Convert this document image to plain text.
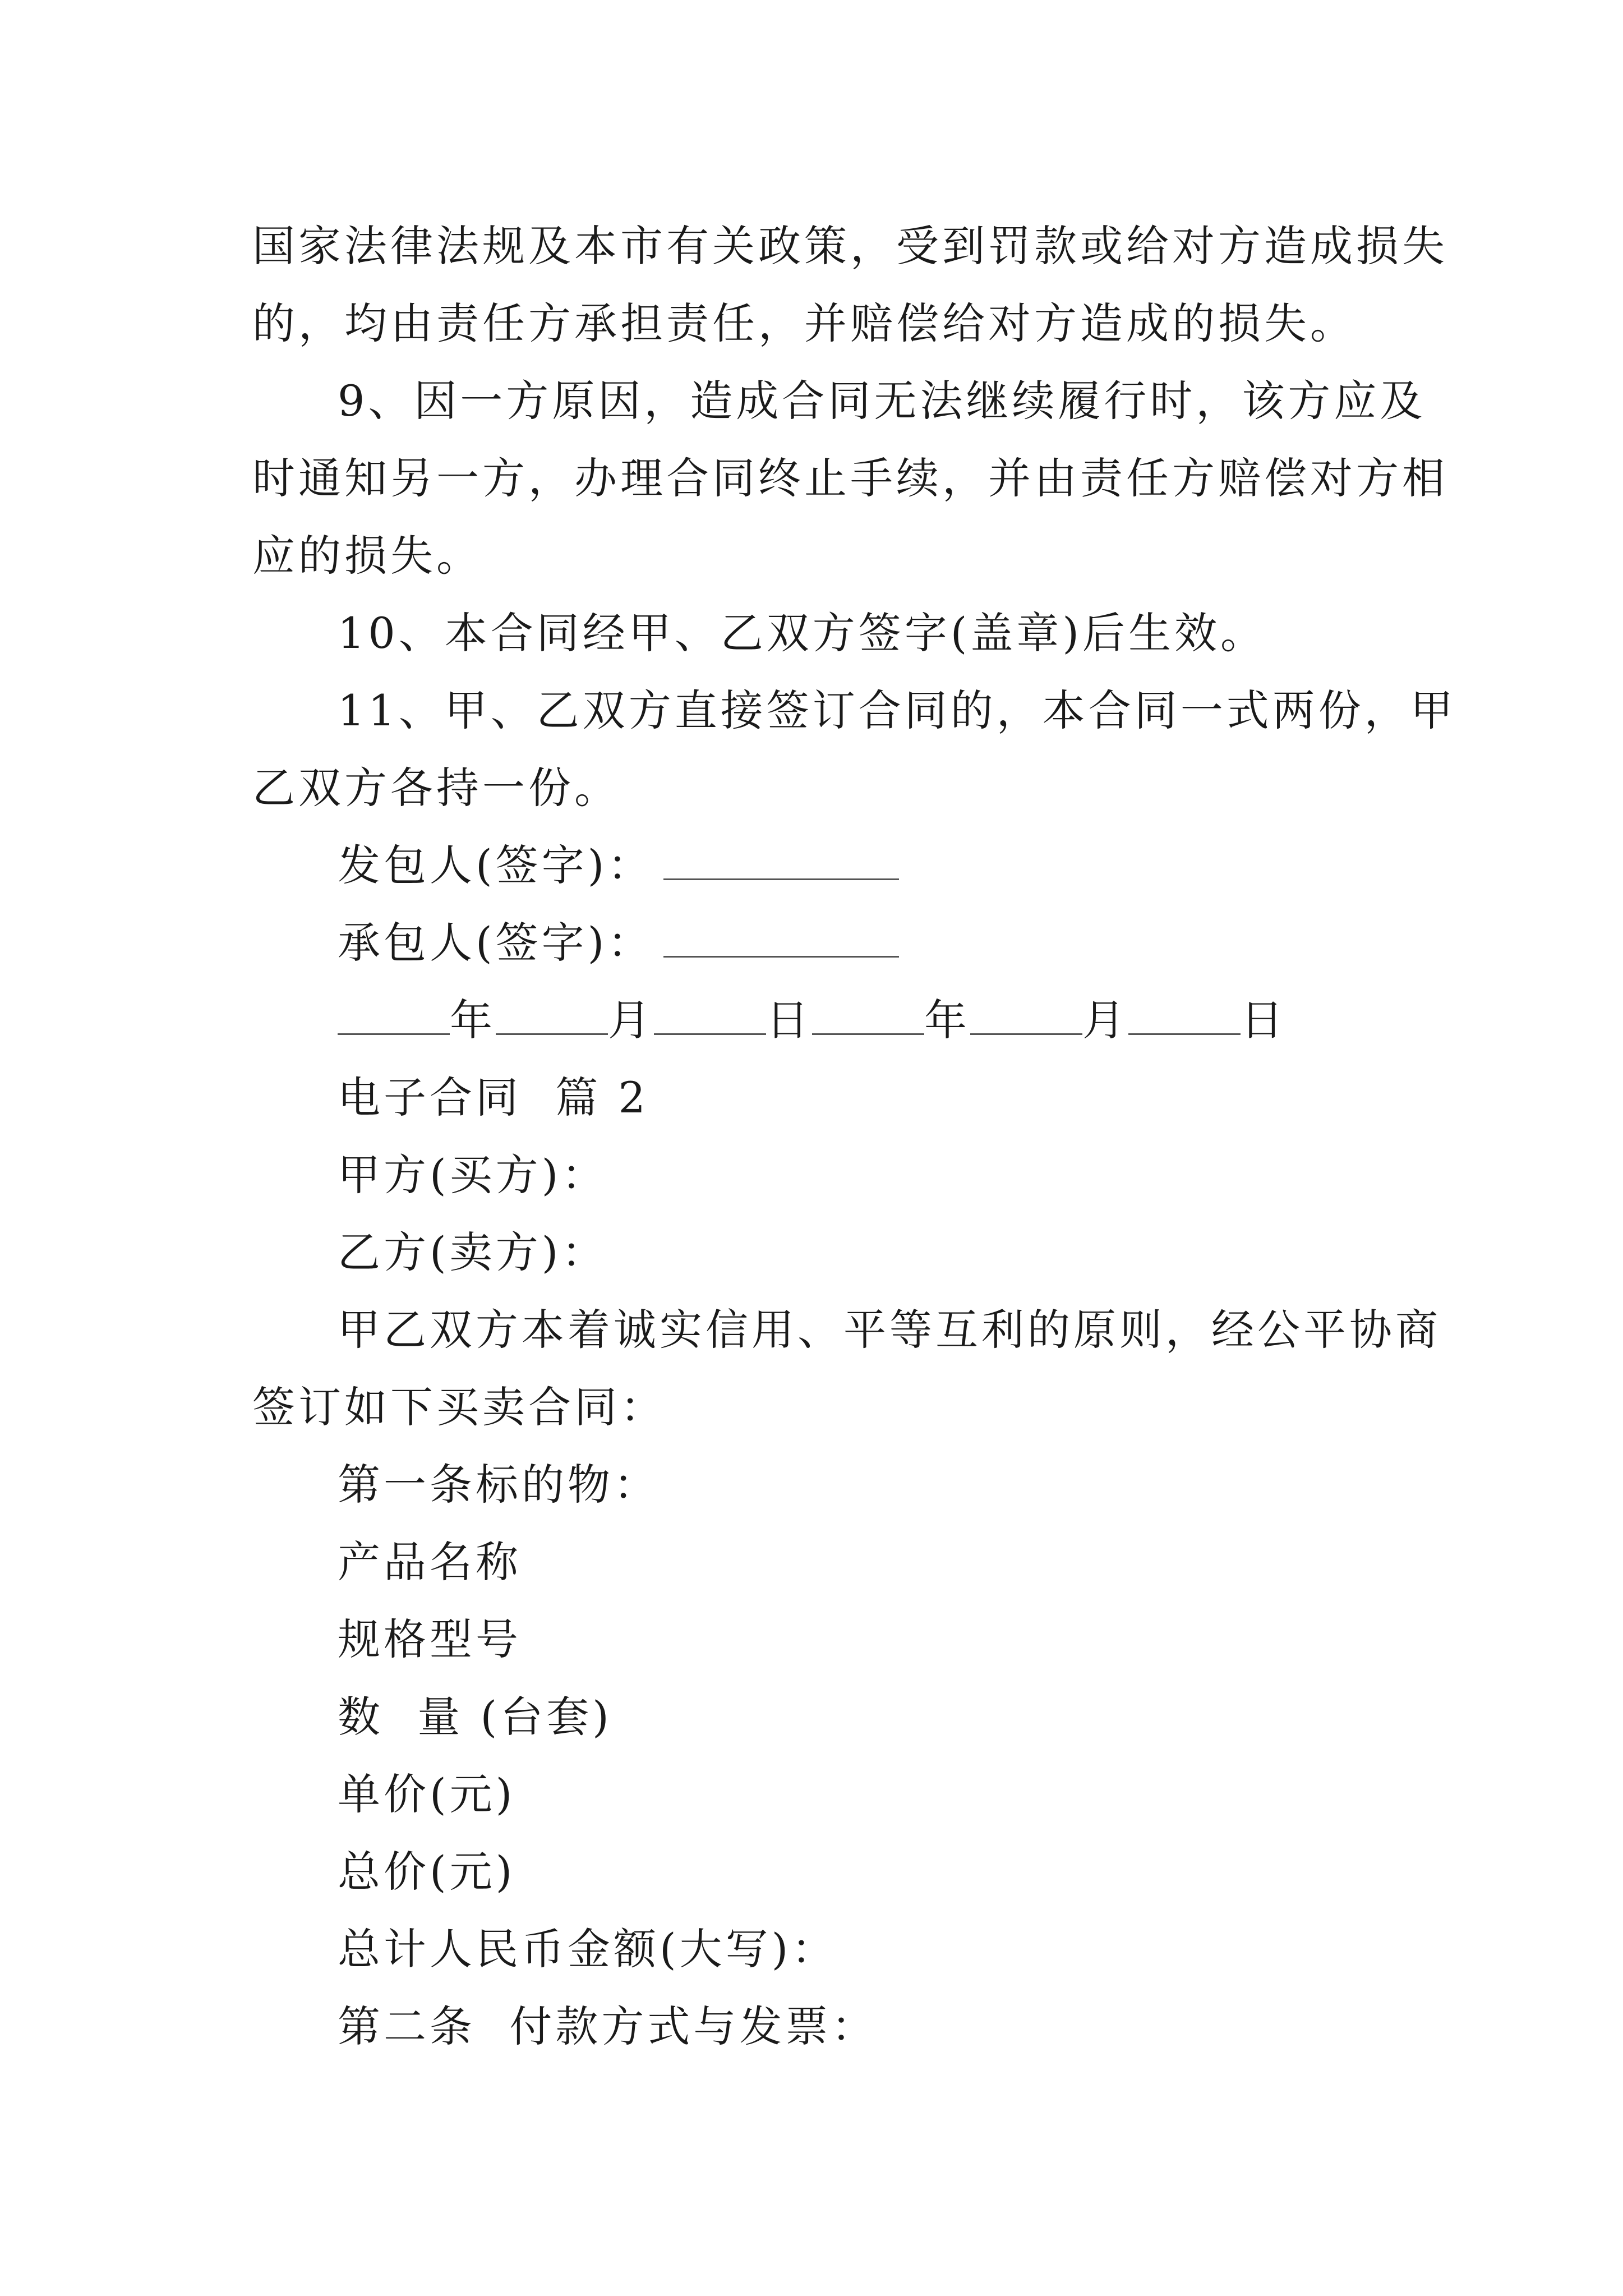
国家法律法规及本市有关政策，受到罚款或给对方造成损失
的，均由责任方承担责任，并赔偿给对方造成的损失。
9、因一方原因，造成合同无法继续履行时，该方应及
时通知另一方，办理合同终止手续，并由责任方赔偿对方相
应的损失。
10、本合同经甲、乙双方签字(盖章)后生效。
11、甲、乙双方直接签订合同的，本合同一式两份，甲
乙双方各持一份。
发包人(签字)：
承包人(签字)：
年	月	日	年	月	日
电子合同  篇 2
甲方(买方)：
乙方(卖方)：
甲乙双方本着诚实信用、平等互利的原则，经公平协商
签订如下买卖合同：
第一条标的物：
产品名称
规格型号
数  量 (台套)
单价(元)
总价(元)
总计人民币金额(大写)：
第二条  付款方式与发票：
